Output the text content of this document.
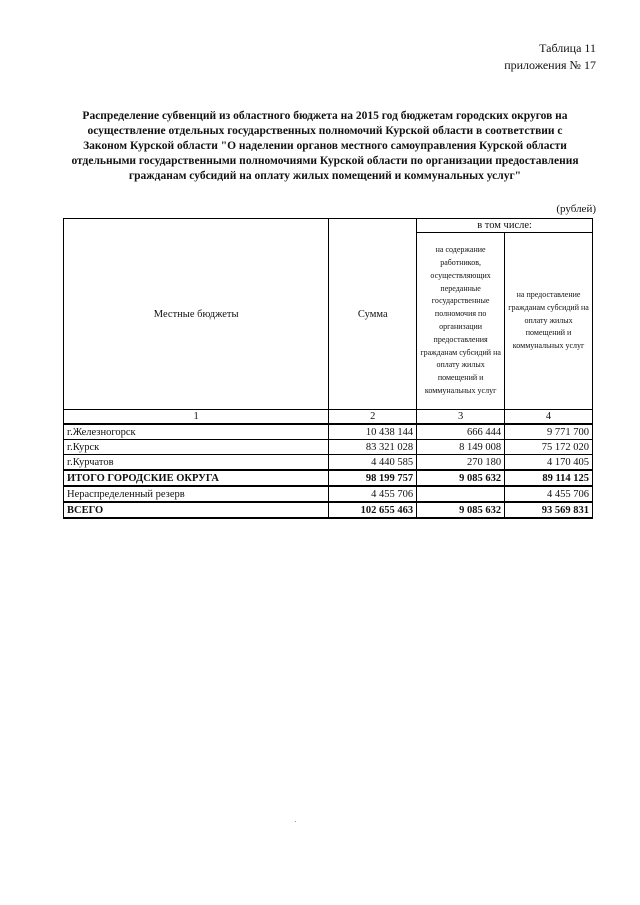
Таблица 11
приложения № 17
Распределение субвенций из областного бюджета на 2015 год бюджетам городских округов на
осуществление отдельных государственных полномочий Курской области в соответствии с
Законом Курской области "О наделении органов местного самоуправления Курской области
отдельными государственными полномочиями Курской области по организации предоставления
гражданам субсидий на оплату жилых помещений и коммунальных услуг"
(рублей)
Местные бюджеты	Сумма	в том числе:	
		на содержание работников, осуществляющих переданные государственные полномочия по организации предоставления гражданам субсидий на оплату жилых помещений и коммунальных услуг	на предоставление гражданам субсидий на оплату жилых помещений и коммунальных услуг
1	2	3	4
г.Железногорск	10 438 144	666 444	9 771 700
г.Курск	83 321 028	8 149 008	75 172 020
г.Курчатов	4 440 585	270 180	4 170 405
ИТОГО ГОРОДСКИЕ ОКРУГА	98 199 757	9 085 632	89 114 125
Нераспределенный резерв	4 455 706		4 455 706
ВСЕГО	102 655 463	9 085 632	93 569 831
